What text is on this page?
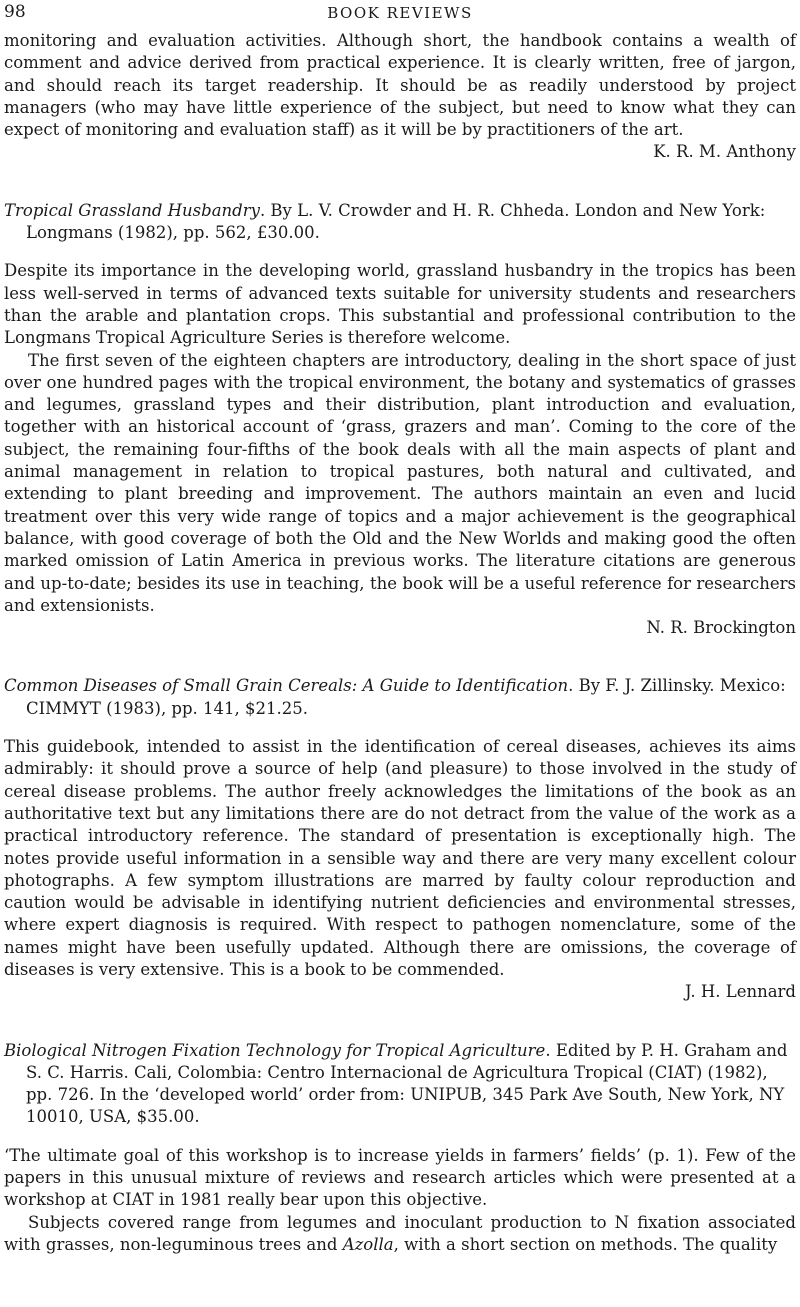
98	BOOK REVIEWS

monitoring and evaluation activities. Although short, the handbook contains a wealth of comment and advice derived from practical experience. It is clearly written, free of jargon, and should reach its target readership. It should be as readily understood by project managers (who may have little experience of the subject, but need to know what they can expect of monitoring and evaluation staff) as it will be by practitioners of the art.

K. R. M. Anthony
Tropical Grassland Husbandry. By L. V. Crowder and H. R. Chheda. London and New York: Longmans (1982), pp. 562, £30.00.

Despite its importance in the developing world, grassland husbandry in the tropics has been less well-served in terms of advanced texts suitable for university students and researchers than the arable and plantation crops. This substantial and professional contribution to the Longmans Tropical Agriculture Series is therefore welcome.

The first seven of the eighteen chapters are introductory, dealing in the short space of just over one hundred pages with the tropical environment, the botany and systematics of grasses and legumes, grassland types and their distribution, plant introduction and evaluation, together with an historical account of ‘grass, grazers and man’. Coming to the core of the subject, the remaining four-fifths of the book deals with all the main aspects of plant and animal management in relation to tropical pastures, both natural and cultivated, and extending to plant breeding and improvement. The authors maintain an even and lucid treatment over this very wide range of topics and a major achievement is the geographical balance, with good coverage of both the Old and the New Worlds and making good the often marked omission of Latin America in previous works. The literature citations are generous and up-to-date; besides its use in teaching, the book will be a useful reference for researchers and extensionists.

N. R. Brockington
Common Diseases of Small Grain Cereals: A Guide to Identification. By F. J. Zillinsky. Mexico: CIMMYT (1983), pp. 141, $21.25.

This guidebook, intended to assist in the identification of cereal diseases, achieves its aims admirably: it should prove a source of help (and pleasure) to those involved in the study of cereal disease problems. The author freely acknowledges the limitations of the book as an authoritative text but any limitations there are do not detract from the value of the work as a practical introductory reference. The standard of presentation is exceptionally high. The notes provide useful information in a sensible way and there are very many excellent colour photographs. A few symptom illustrations are marred by faulty colour reproduction and caution would be advisable in identifying nutrient deficiencies and environmental stresses, where expert diagnosis is required. With respect to pathogen nomenclature, some of the names might have been usefully updated. Although there are omissions, the coverage of diseases is very extensive. This is a book to be commended.

J. H. Lennard
Biological Nitrogen Fixation Technology for Tropical Agriculture. Edited by P. H. Graham and S. C. Harris. Cali, Colombia: Centro Internacional de Agricultura Tropical (CIAT) (1982), pp. 726. In the ‘developed world’ order from: UNIPUB, 345 Park Ave South, New York, NY 10010, USA, $35.00.

‘The ultimate goal of this workshop is to increase yields in farmers’ fields’ (p. 1). Few of the papers in this unusual mixture of reviews and research articles which were presented at a workshop at CIAT in 1981 really bear upon this objective.

Subjects covered range from legumes and inoculant production to N fixation associated with grasses, non-leguminous trees and Azolla, with a short section on methods. The quality
